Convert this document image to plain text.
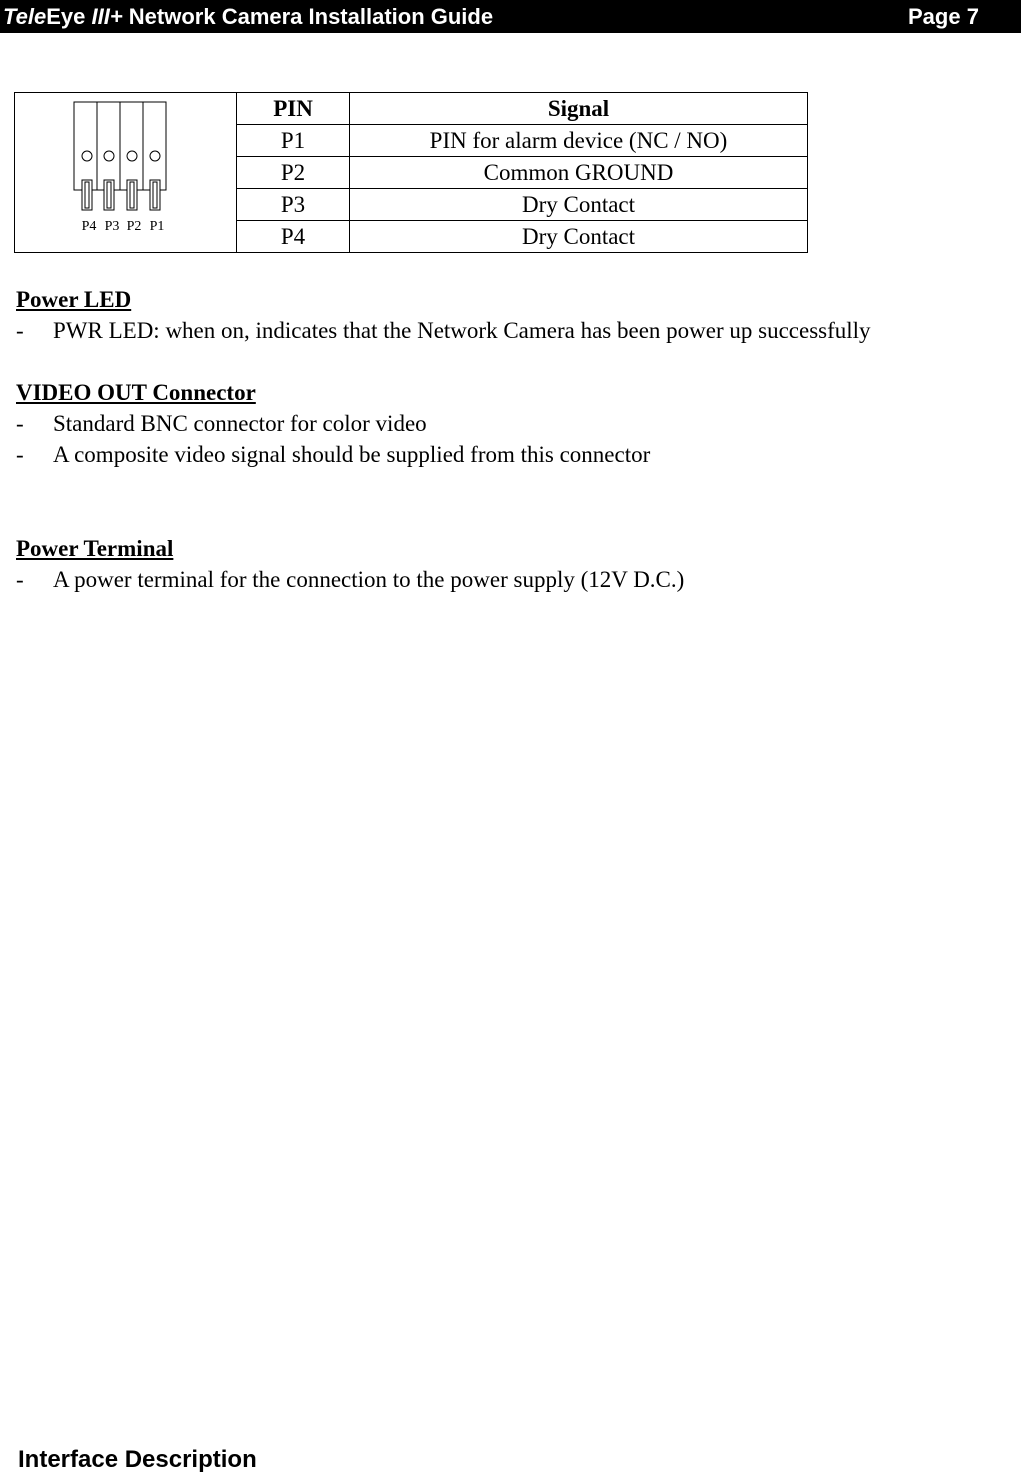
TeleEye III+ Network Camera Installation Guide	Page 7
P4 P3 P2 P1	PIN	Signal
	P1	PIN for alarm device (NC / NO)
	P2	Common GROUND
	P3	Dry Contact
	P4	Dry Contact
Power LED
- PWR LED: when on, indicates that the Network Camera has been power up successfully
VIDEO OUT Connector
- Standard BNC connector for color video
- A composite video signal should be supplied from this connector
Power Terminal
- A power terminal for the connection to the power supply (12V D.C.)
Interface Description
